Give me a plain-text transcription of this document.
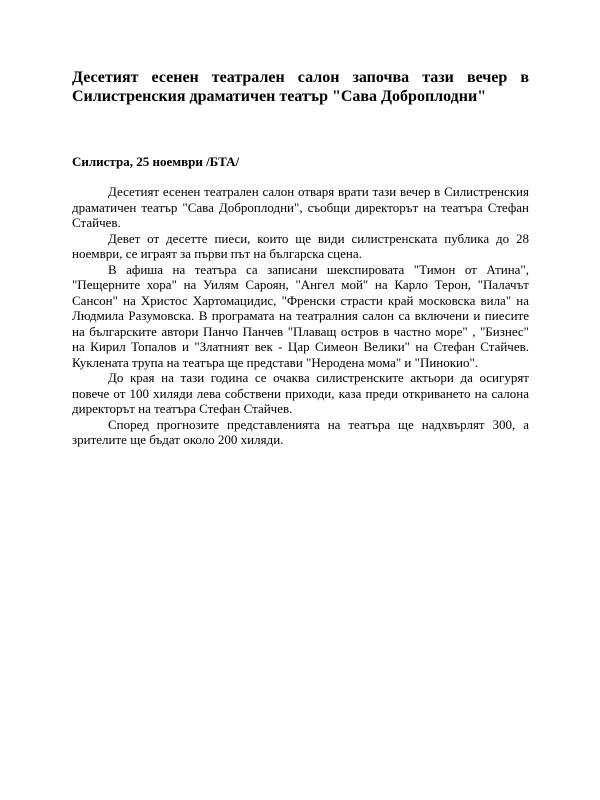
Десетият есенен театрален салон започва тази вечер в Силистренския драматичен театър "Сава Доброплодни"

Силистра, 25 ноември /БТА/

Десетият есенен театрален салон отваря врати тази вечер в Силистренския драматичен театър "Сава Доброплодни", съобщи директорът на театъра Стефан Стайчев.

Девет от десетте пиеси, които ще види силистренската публика до 28 ноември, се играят за първи път на българска сцена.

В афиша на театъра са записани шекспировата "Тимон от Атина", "Пещерните хора" на Уилям Сароян, "Ангел мой" на Карло Терон, "Палачът Сансон" на Христос Хартомацидис, "Френски страсти край московска вила" на Людмила Разумовска. В програмата на театралния салон са включени и пиесите на българските автори Панчо Панчев "Плаващ остров в частно море" , "Бизнес" на Кирил Топалов и "Златният век - Цар Симеон Велики" на Стефан Стайчев. Куклената трупа на театъра ще представи "Неродена мома" и "Пинокио".

До края на тази година се очаква силистренските актьори да осигурят повече от 100 хиляди лева собствени приходи, каза преди откриването на салона директорът на театъра Стефан Стайчев.

Според прогнозите представленията на театъра ще надхвърлят 300, а зрителите ще бъдат около 200 хиляди.
